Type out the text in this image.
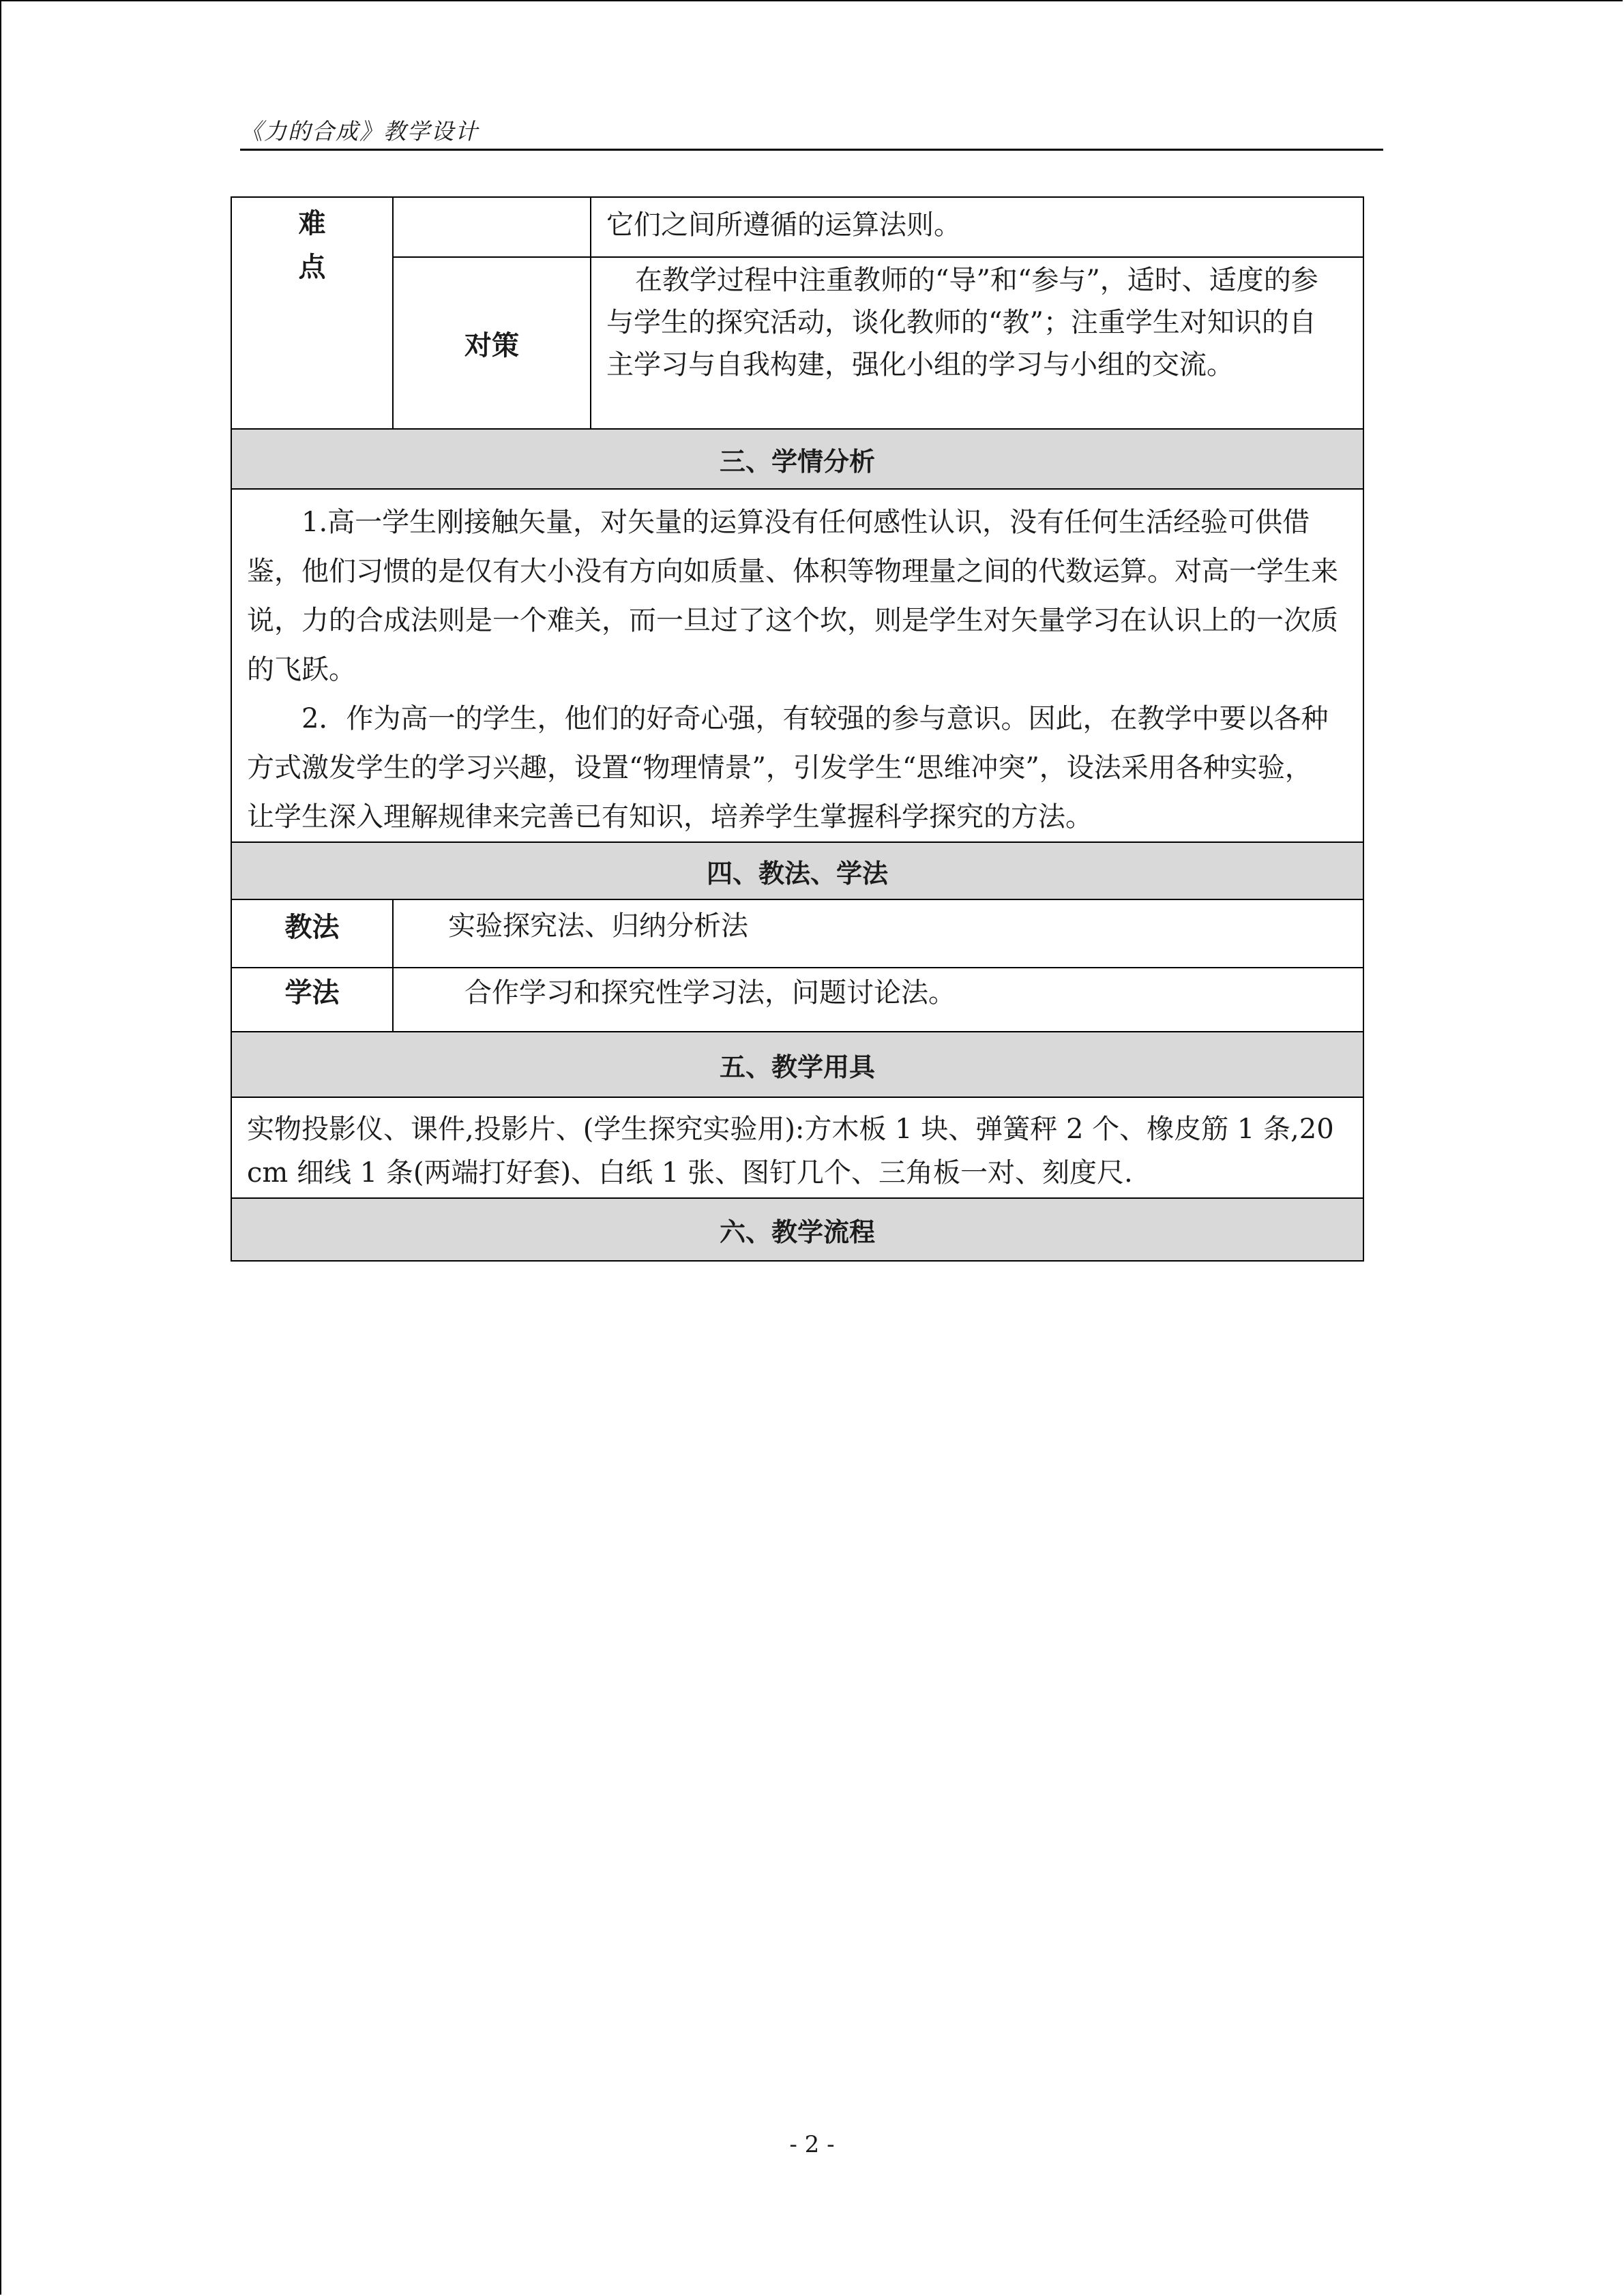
《力的合成》教学设计
难
点		它们之间所遵循的运算法则。
	对策	在教学过程中注重教师的“导”和“参与”，适时、适度的参与学生的探究活动，谈化教师的“教”；注重学生对知识的自主学习与自我构建，强化小组的学习与小组的交流。

三、学情分析		

1.高一学生刚接触矢量，对矢量的运算没有任何感性认识，没有任何生活经验可供借鉴，他们习惯的是仅有大小没有方向如质量、体积等物理量之间的代数运算。对高一学生来说，力的合成法则是一个难关，而一旦过了这个坎，则是学生对矢量学习在认识上的一次质的飞跃。

2．作为高一的学生，他们的好奇心强，有较强的参与意识。因此，在教学中要以各种方式激发学生的学习兴趣，设置“物理情景”，引发学生“思维冲突”，设法采用各种实验，让学生深入理解规律来完善已有知识，培养学生掌握科学探究的方法。		

四、教法、学法		
教法	实验探究法、归纳分析法	
学法	合作学习和探究性学习法，问题讨论法。	
五、教学用具		
实物投影仪、课件,投影片、(学生探究实验用):方木板 1 块、弹簧秤 2 个、橡皮筋 1 条,20 cm 细线 1 条(两端打好套)、白纸 1 张、图钉几个、三角板一对、刻度尺.		
六、教学流程		
- 2 -
